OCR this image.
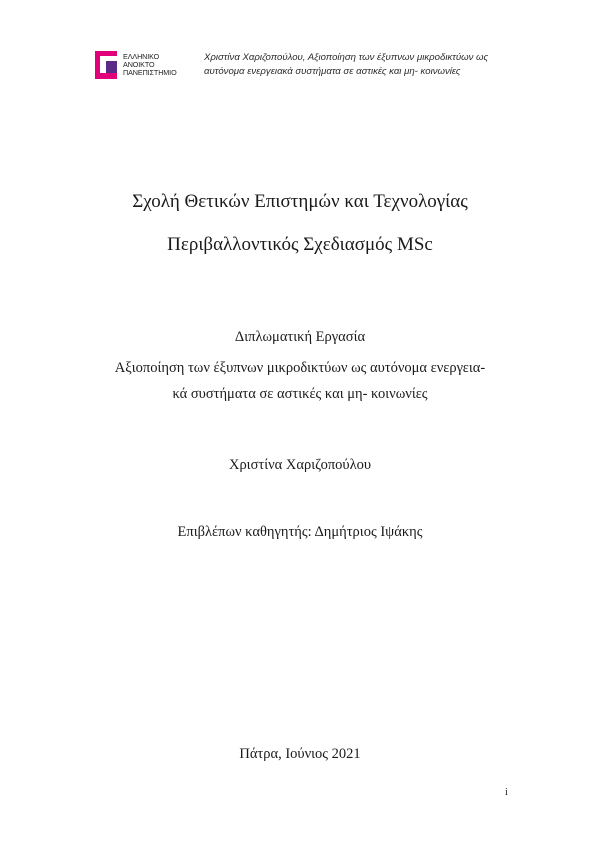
ΕΛΛΗΝΙΚΟ
ΑΝΟΙΚΤΟ
ΠΑΝΕΠΙΣΤΗΜΙΟ
Χριστίνα Χαριζοπούλου, Αξιοποίηση των έξυπνων μικροδικτύων ως
αυτόνομα ενεργειακά συστήματα σε αστικές και μη- κοινωνίες
Σχολή Θετικών Επιστημών και Τεχνολογίας
Περιβαλλοντικός Σχεδιασμός MSc
Διπλωματική Εργασία
Αξιοποίηση των έξυπνων μικροδικτύων ως αυτόνομα ενεργεια-
κά συστήματα σε αστικές και μη- κοινωνίες
Χριστίνα Χαριζοπούλου
Επιβλέπων καθηγητής: Δημήτριος Ιψάκης
Πάτρα, Ιούνιος 2021
i
